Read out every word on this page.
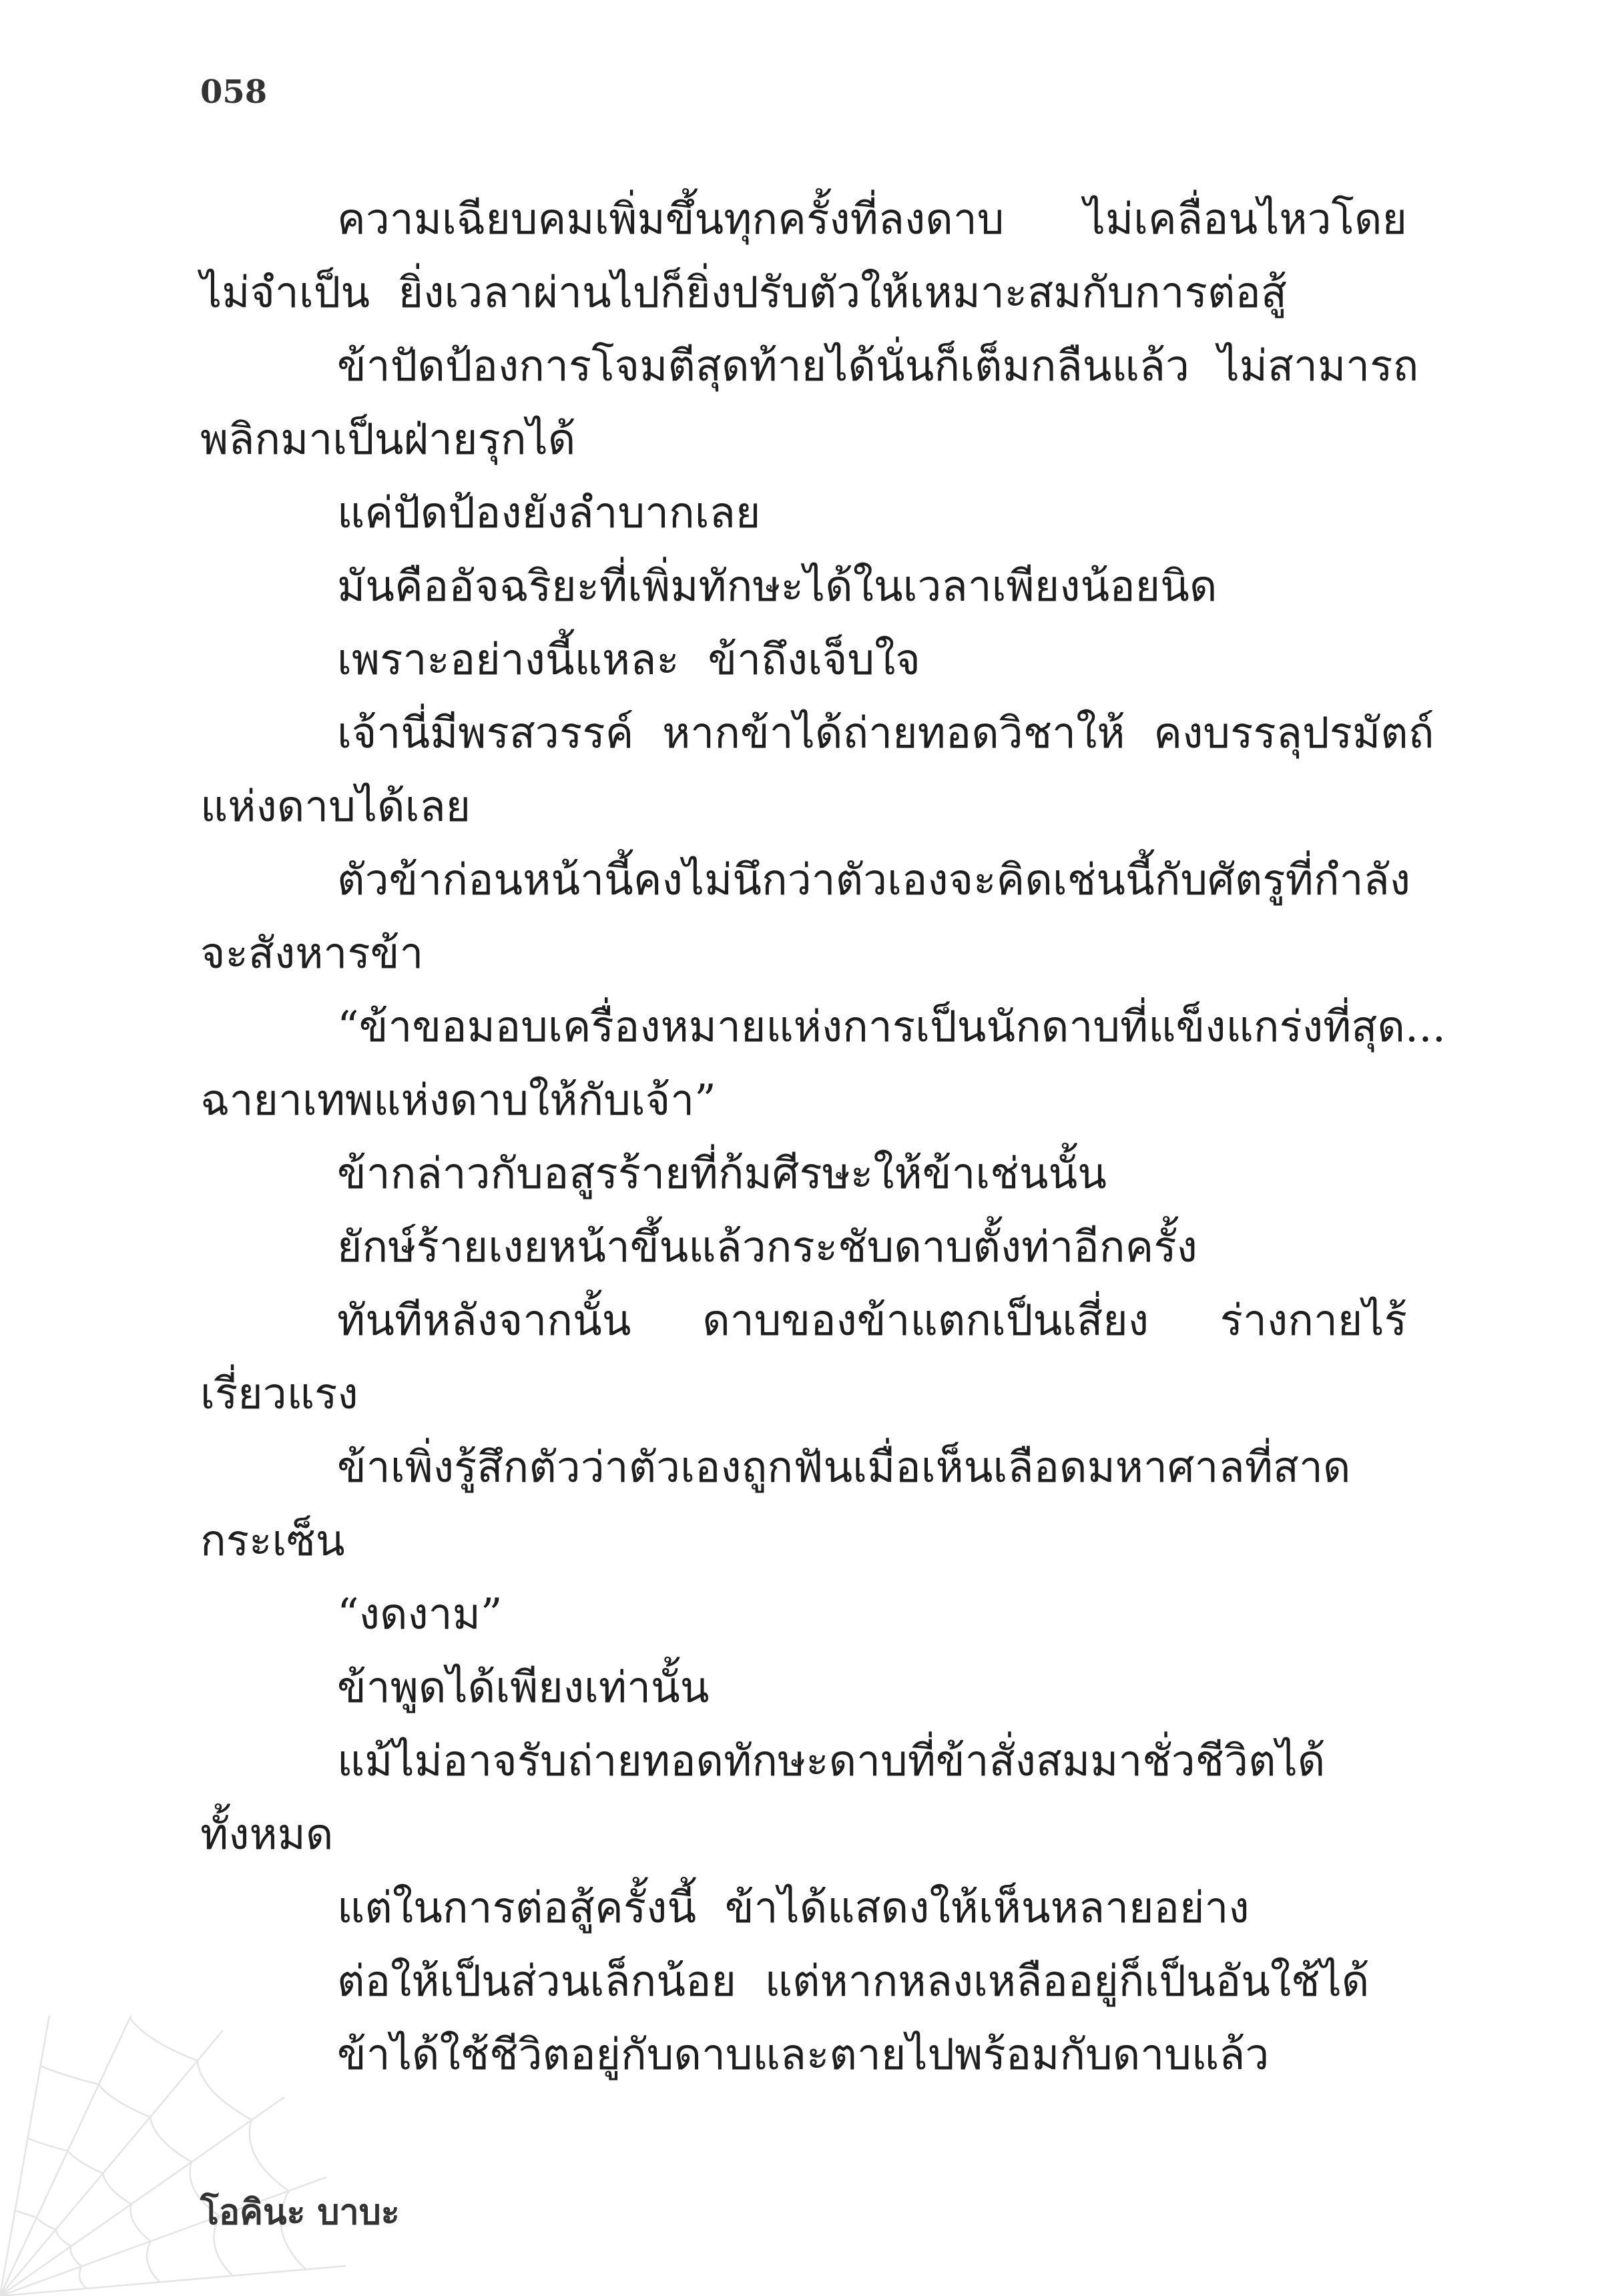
058
ความเฉียบคมเพิ่มขึ้นทุกครั้งที่ลงดาบ ไม่เคลื่อนไหวโดย
ไม่จำเป็น ยิ่งเวลาผ่านไปก็ยิ่งปรับตัวให้เหมาะสมกับการต่อสู้
ข้าปัดป้องการโจมตีสุดท้ายได้นั่นก็เต็มกลืนแล้ว ไม่สามารถ
พลิกมาเป็นฝ่ายรุกได้
แค่ปัดป้องยังลำบากเลย
มันคืออัจฉริยะที่เพิ่มทักษะได้ในเวลาเพียงน้อยนิด
เพราะอย่างนี้แหละ ข้าถึงเจ็บใจ
เจ้านี่มีพรสวรรค์ หากข้าได้ถ่ายทอดวิชาให้ คงบรรลุปรมัตถ์
แห่งดาบได้เลย
ตัวข้าก่อนหน้านี้คงไม่นึกว่าตัวเองจะคิดเช่นนี้กับศัตรูที่กำลัง
จะสังหารข้า
“ข้าขอมอบเครื่องหมายแห่งการเป็นนักดาบที่แข็งแกร่งที่สุด...
ฉายาเทพแห่งดาบให้กับเจ้า”
ข้ากล่าวกับอสูรร้ายที่ก้มศีรษะให้ข้าเช่นนั้น
ยักษ์ร้ายเงยหน้าขึ้นแล้วกระชับดาบตั้งท่าอีกครั้ง
ทันทีหลังจากนั้น ดาบของข้าแตกเป็นเสี่ยง ร่างกายไร้
เรี่ยวแรง
ข้าเพิ่งรู้สึกตัวว่าตัวเองถูกฟันเมื่อเห็นเลือดมหาศาลที่สาด
กระเซ็น
“งดงาม”
ข้าพูดได้เพียงเท่านั้น
แม้ไม่อาจรับถ่ายทอดทักษะดาบที่ข้าสั่งสมมาชั่วชีวิตได้
ทั้งหมด
แต่ในการต่อสู้ครั้งนี้ ข้าได้แสดงให้เห็นหลายอย่าง
ต่อให้เป็นส่วนเล็กน้อย แต่หากหลงเหลืออยู่ก็เป็นอันใช้ได้
ข้าได้ใช้ชีวิตอยู่กับดาบและตายไปพร้อมกับดาบแล้ว
โอคินะ บาบะ
